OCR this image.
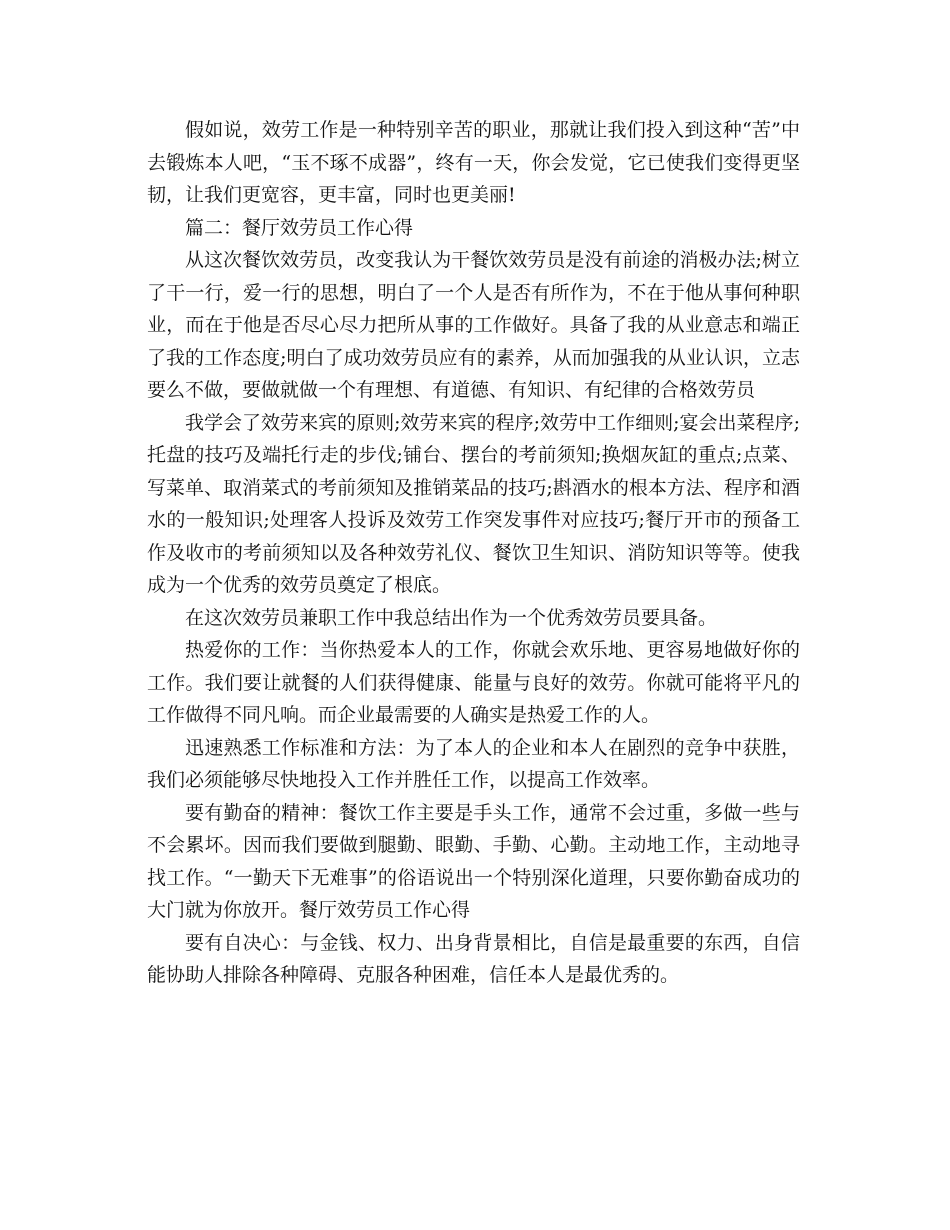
假如说，效劳工作是一种特别辛苦的职业，那就让我们投入到这种“苦”中去锻炼本人吧，“玉不琢不成器”，终有一天，你会发觉，它已使我们变得更坚韧，让我们更宽容，更丰富，同时也更美丽!

篇二：餐厅效劳员工作心得

从这次餐饮效劳员，改变我认为干餐饮效劳员是没有前途的消极办法;树立了干一行，爱一行的思想，明白了一个人是否有所作为，不在于他从事何种职业，而在于他是否尽心尽力把所从事的工作做好。具备了我的从业意志和端正了我的工作态度;明白了成功效劳员应有的素养，从而加强我的从业认识，立志要么不做，要做就做一个有理想、有道德、有知识、有纪律的合格效劳员

我学会了效劳来宾的原则;效劳来宾的程序;效劳中工作细则;宴会出菜程序;托盘的技巧及端托行走的步伐;铺台、摆台的考前须知;换烟灰缸的重点;点菜、写菜单、取消菜式的考前须知及推销菜品的技巧;斟酒水的根本方法、程序和酒水的一般知识;处理客人投诉及效劳工作突发事件对应技巧;餐厅开市的预备工作及收市的考前须知以及各种效劳礼仪、餐饮卫生知识、消防知识等等。使我成为一个优秀的效劳员奠定了根底。

在这次效劳员兼职工作中我总结出作为一个优秀效劳员要具备。

热爱你的工作：当你热爱本人的工作，你就会欢乐地、更容易地做好你的工作。我们要让就餐的人们获得健康、能量与良好的效劳。你就可能将平凡的工作做得不同凡响。而企业最需要的人确实是热爱工作的人。

迅速熟悉工作标准和方法：为了本人的企业和本人在剧烈的竞争中获胜，我们必须能够尽快地投入工作并胜任工作，以提高工作效率。

要有勤奋的精神：餐饮工作主要是手头工作，通常不会过重，多做一些与不会累坏。因而我们要做到腿勤、眼勤、手勤、心勤。主动地工作，主动地寻找工作。“一勤天下无难事”的俗语说出一个特别深化道理，只要你勤奋成功的大门就为你放开。餐厅效劳员工作心得

要有自决心：与金钱、权力、出身背景相比，自信是最重要的东西，自信能协助人排除各种障碍、克服各种困难，信任本人是最优秀的。
